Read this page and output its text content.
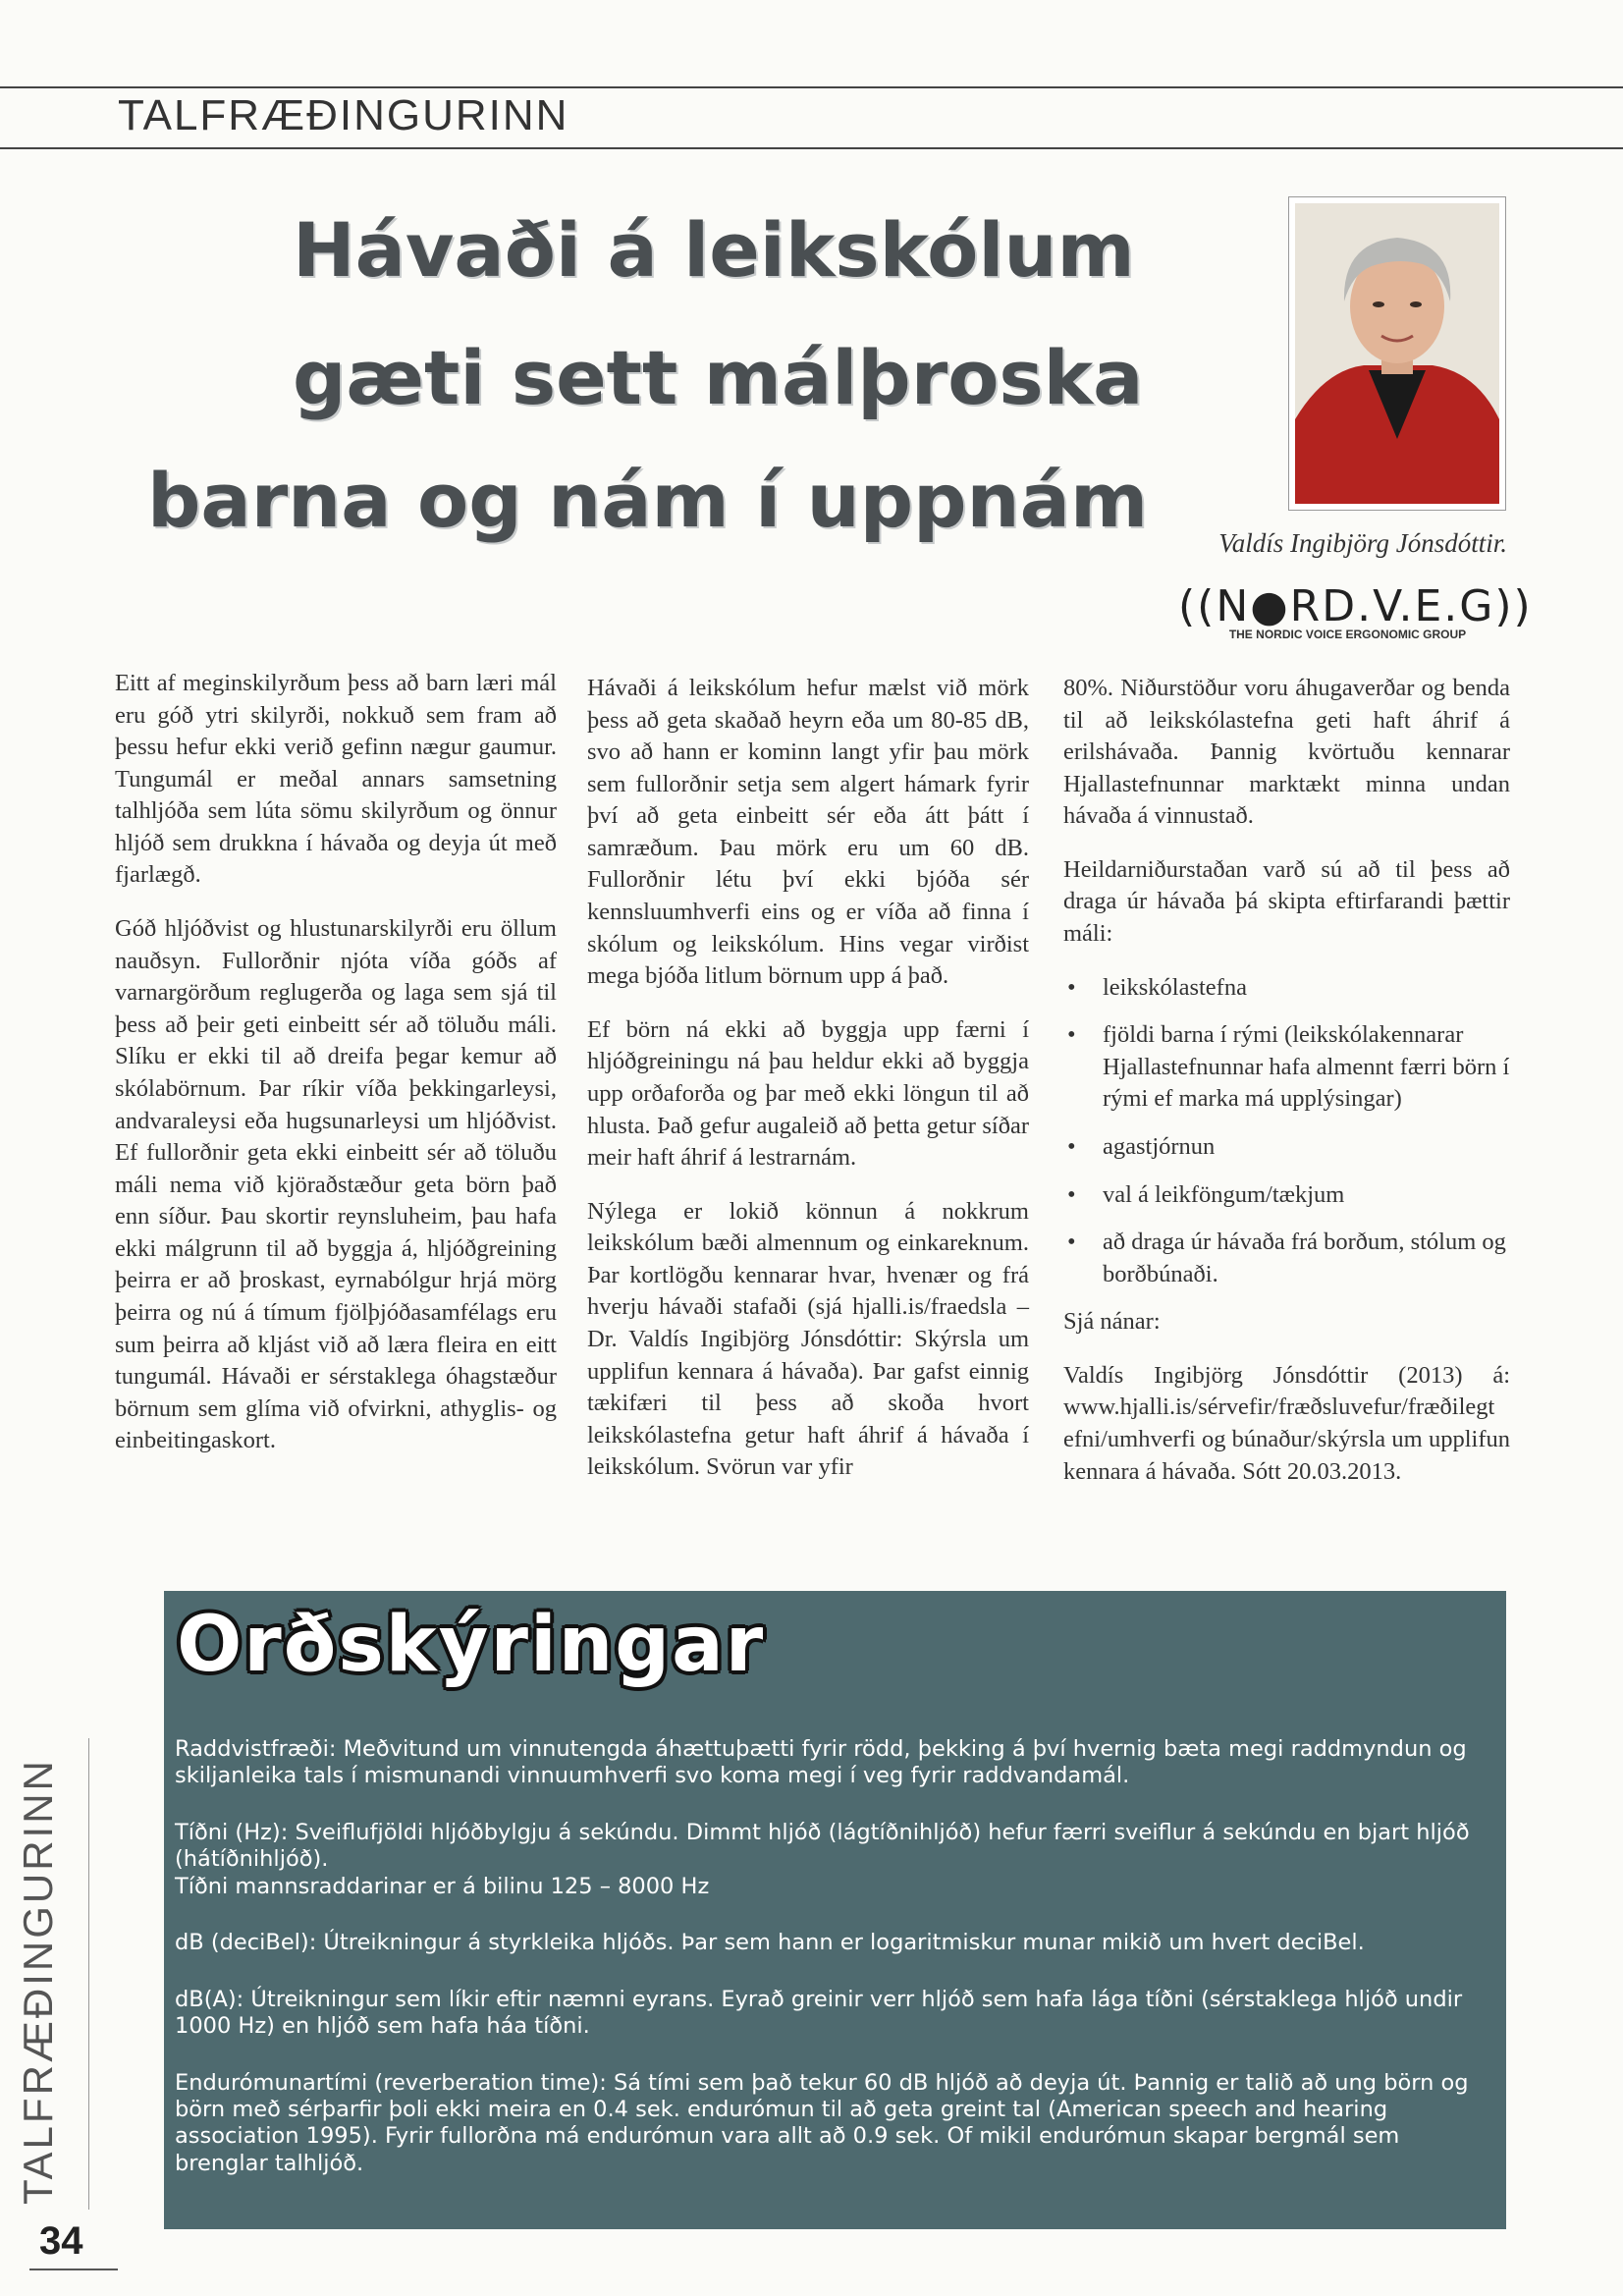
TALFRÆÐINGURINN
Hávaði á leikskólum
gæti sett málþroska
barna og nám í uppnám	Valdís Ingibjörg Jónsdóttir.
((N●RD.V.E.G))
THE NORDIC VOICE ERGONOMIC GROUP

Eitt af meginskilyrðum þess að barn læri mál eru góð ytri skilyrði, nokkuð sem fram að þessu hefur ekki verið gefinn nægur gaumur. Tungumál er meðal annars samsetning talhljóða sem lúta sömu skilyrðum og önnur hljóð sem drukkna í hávaða og deyja út með fjarlægð.

Góð hljóðvist og hlustunarskilyrði eru öllum nauðsyn. Fullorðnir njóta víða góðs af varnargörðum reglugerða og laga sem sjá til þess að þeir geti einbeitt sér að töluðu máli. Slíku er ekki til að dreifa þegar kemur að skólabörnum. Þar ríkir víða þekkingarleysi, andvaraleysi eða hugsunarleysi um hljóðvist. Ef fullorðnir geta ekki einbeitt sér að töluðu máli nema við kjöraðstæður geta börn það enn síður. Þau skortir reynsluheim, þau hafa ekki málgrunn til að byggja á, hljóðgreining þeirra er að þroskast, eyrnabólgur hrjá mörg þeirra og nú á tímum fjölþjóðasamfélags eru sum þeirra að kljást við að læra fleira en eitt tungumál. Hávaði er sérstaklega óhagstæður börnum sem glíma við ofvirkni, athyglis- og einbeitingaskort.

Hávaði á leikskólum hefur mælst við mörk þess að geta skaðað heyrn eða um 80-85 dB, svo að hann er kominn langt yfir þau mörk sem fullorðnir setja sem algert hámark fyrir því að geta einbeitt sér eða átt þátt í samræðum. Þau mörk eru um 60 dB. Fullorðnir létu því ekki bjóða sér kennsluumhverfi eins og er víða að finna í skólum og leikskólum. Hins vegar virðist mega bjóða litlum börnum upp á það.

Ef börn ná ekki að byggja upp færni í hljóðgreiningu ná þau heldur ekki að byggja upp orðaforða og þar með ekki löngun til að hlusta. Það gefur augaleið að þetta getur síðar meir haft áhrif á lestrarnám.

Nýlega er lokið könnun á nokkrum leikskólum bæði almennum og einkareknum. Þar kortlögðu kennarar hvar, hvenær og frá hverju hávaði stafaði (sjá hjalli.is/fraedsla – Dr. Valdís Ingibjörg Jónsdóttir: Skýrsla um upplifun kennara á hávaða). Þar gafst einnig tækifæri til þess að skoða hvort leikskólastefna getur haft áhrif á hávaða í leikskólum. Svörun var yfir

80%. Niðurstöður voru áhugaverðar og benda til að leikskólastefna geti haft áhrif á erilshávaða. Þannig kvörtuðu kennarar Hjallastefnunnar marktækt minna undan hávaða á vinnustað.

Heildarniðurstaðan varð sú að til þess að draga úr hávaða þá skipta eftirfarandi þættir máli:

• leikskólastefna
• fjöldi barna í rými (leikskólakennarar Hjallastefnunnar hafa almennt færri börn í rými ef marka má upplýsingar)
• agastjórnun
• val á leikföngum/tækjum
• að draga úr hávaða frá borðum, stólum og borðbúnaði.

Sjá nánar:

Valdís Ingibjörg Jónsdóttir (2013) á: www.hjalli.is/sérvefir/fræðsluvefur/fræðilegt efni/umhverfi og búnaður/skýrsla um upplifun kennara á hávaða. Sótt 20.03.2013.

Orðskýringar

Raddvistfræði: Meðvitund um vinnutengda áhættuþætti fyrir rödd, þekking á því hvernig bæta megi raddmyndun og skiljanleika tals í mismunandi vinnuumhverfi svo koma megi í veg fyrir raddvandamál.

Tíðni (Hz): Sveiflufjöldi hljóðbylgju á sekúndu. Dimmt hljóð (lágtíðnihljóð) hefur færri sveiflur á sekúndu en bjart hljóð (hátíðnihljóð).

Tíðni mannsraddarinar er á bilinu 125 – 8000 Hz

dB (deciBel): Útreikningur á styrkleika hljóðs. Þar sem hann er logaritmiskur munar mikið um hvert deciBel.

dB(A): Útreikningur sem líkir eftir næmni eyrans. Eyrað greinir verr hljóð sem hafa lága tíðni (sérstaklega hljóð undir 1000 Hz) en hljóð sem hafa háa tíðni.

Endurómunartími (reverberation time): Sá tími sem það tekur 60 dB hljóð að deyja út. Þannig er talið að ung börn og börn með sérþarfir þoli ekki meira en 0.4 sek. endurómun til að geta greint tal (American speech and hearing association 1995). Fyrir fullorðna má endurómun vara allt að 0.9 sek. Of mikil endurómun skapar bergmál sem brenglar talhljóð.

TALFRÆÐINGURINN
34
